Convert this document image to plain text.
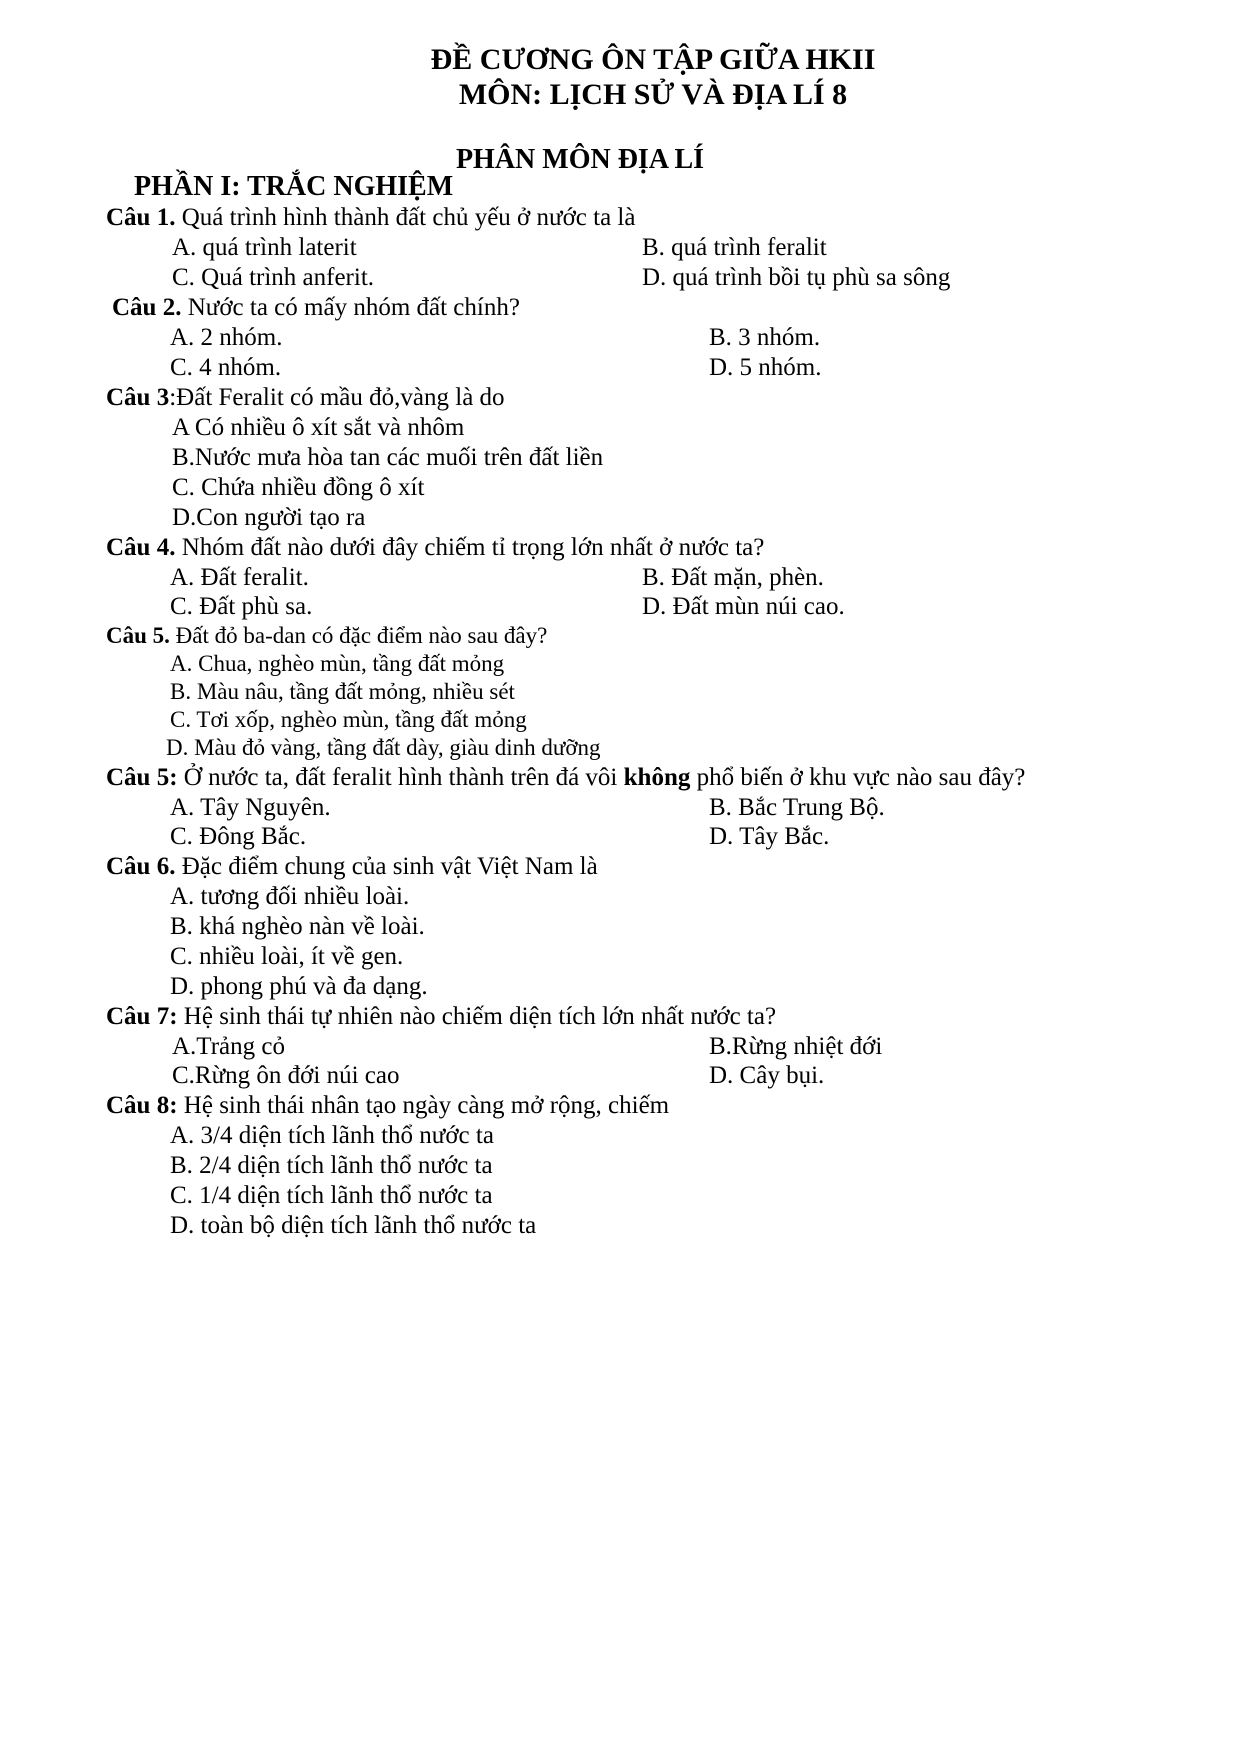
ĐỀ CƯƠNG ÔN TẬP GIỮA HKII
MÔN: LỊCH SỬ VÀ ĐỊA LÍ 8
PHÂN MÔN ĐỊA LÍ
PHẦN I: TRẮC NGHIỆM
Câu 1. Quá trình hình thành đất chủ yếu ở nước ta là
A. quá trình laterit	B. quá trình feralit
C. Quá trình anferit.	D. quá trình bồi tụ phù sa sông
Câu 2. Nước ta có mấy nhóm đất chính?
A. 2 nhóm.	B. 3 nhóm.
C. 4 nhóm.	D. 5 nhóm.
Câu 3:Đất Feralit có mầu đỏ,vàng là do
A Có nhiều ô xít sắt và nhôm
B.Nước mưa hòa tan các muối trên đất liền
C. Chứa nhiều đồng ô xít
D.Con người tạo ra
Câu 4. Nhóm đất nào dưới đây chiếm tỉ trọng lớn nhất ở nước ta?
A. Đất feralit.	B. Đất mặn, phèn.
C. Đất phù sa.	D. Đất mùn núi cao.
Câu 5. Đất đỏ ba-dan có đặc điểm nào sau đây?
A. Chua, nghèo mùn, tầng đất mỏng
B. Màu nâu, tầng đất mỏng, nhiều sét
C. Tơi xốp, nghèo mùn, tầng đất mỏng
D. Màu đỏ vàng, tầng đất dày, giàu dinh dưỡng
Câu 5: Ở nước ta, đất feralit hình thành trên đá vôi không phổ biến ở khu vực nào sau đây?
A. Tây Nguyên.	B. Bắc Trung Bộ.
C. Đông Bắc.	D. Tây Bắc.
Câu 6. Đặc điểm chung của sinh vật Việt Nam là
A. tương đối nhiều loài.
B. khá nghèo nàn về loài.
C. nhiều loài, ít về gen.
D. phong phú và đa dạng.
Câu 7: Hệ sinh thái tự nhiên nào chiếm diện tích lớn nhất nước ta?
A.Trảng cỏ	B.Rừng nhiệt đới
C.Rừng ôn đới núi cao	D. Cây bụi.
Câu 8: Hệ sinh thái nhân tạo ngày càng mở rộng, chiếm
A. 3/4 diện tích lãnh thổ nước ta
B. 2/4 diện tích lãnh thổ nước ta
C. 1/4 diện tích lãnh thổ nước ta
D. toàn bộ diện tích lãnh thổ nước ta
